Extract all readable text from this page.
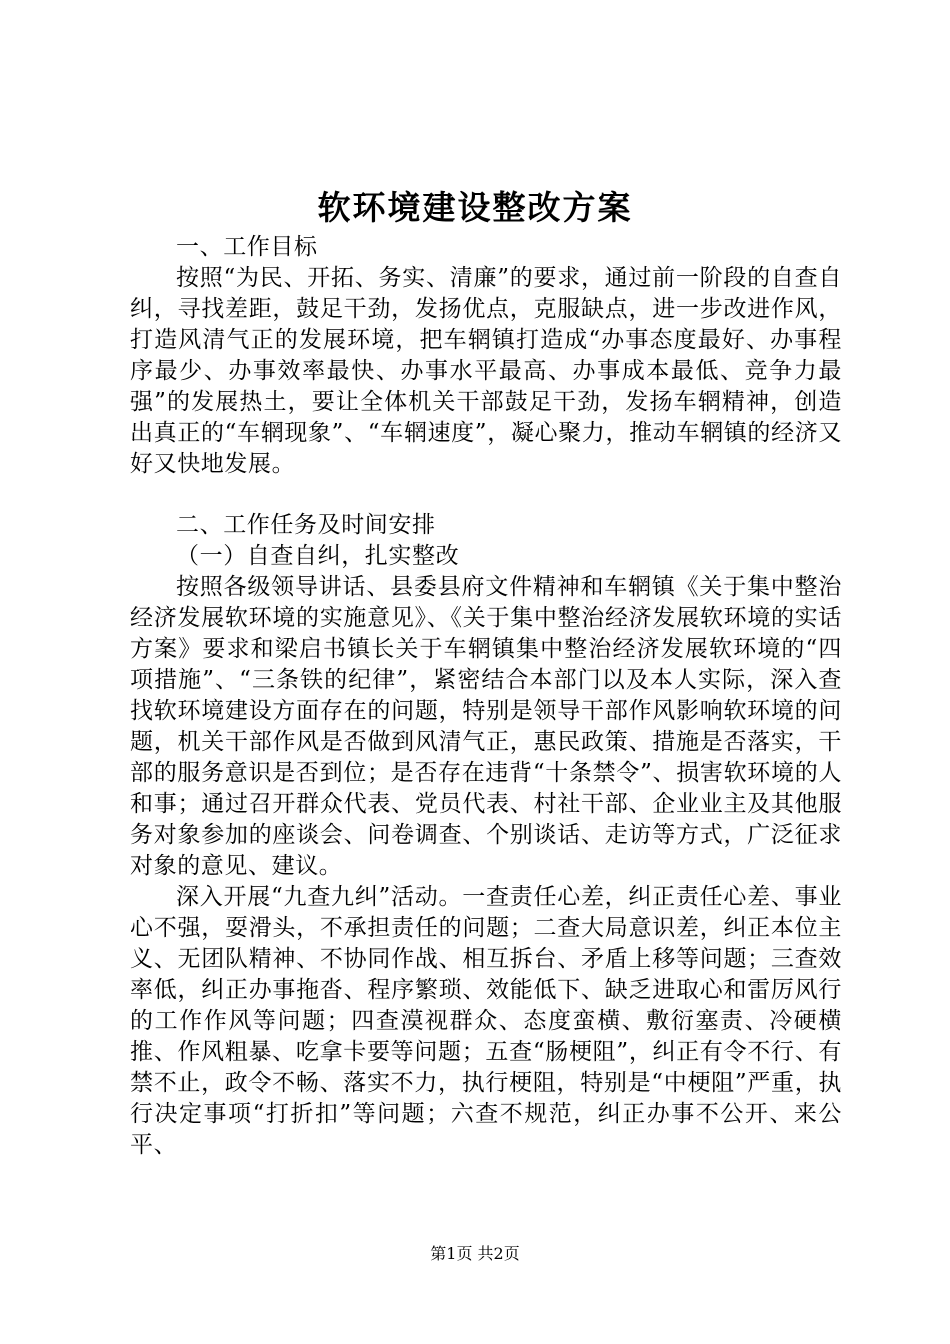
软环境建设整改方案

一、工作目标

按照“为民、开拓、务实、清廉”的要求，通过前一阶段的自查自纠，寻找差距，鼓足干劲，发扬优点，克服缺点，进一步改进作风，打造风清气正的发展环境，把车辋镇打造成“办事态度最好、办事程序最少、办事效率最快、办事水平最高、办事成本最低、竞争力最强”的发展热土，要让全体机关干部鼓足干劲，发扬车辋精神，创造出真正的“车辋现象”、“车辋速度”，凝心聚力，推动车辋镇的经济又好又快地发展。

二、工作任务及时间安排

（一）自查自纠，扎实整改

按照各级领导讲话、县委县府文件精神和车辋镇《关于集中整治经济发展软环境的实施意见》、《关于集中整治经济发展软环境的实话方案》要求和梁启书镇长关于车辋镇集中整治经济发展软环境的“四项措施”、“三条铁的纪律”，紧密结合本部门以及本人实际，深入查找软环境建设方面存在的问题，特别是领导干部作风影响软环境的问题，机关干部作风是否做到风清气正，惠民政策、措施是否落实，干部的服务意识是否到位；是否存在违背“十条禁令”、损害软环境的人和事；通过召开群众代表、党员代表、村社干部、企业业主及其他服务对象参加的座谈会、问卷调查、个别谈话、走访等方式，广泛征求对象的意见、建议。

深入开展“九查九纠”活动。一查责任心差，纠正责任心差、事业心不强，耍滑头，不承担责任的问题；二查大局意识差，纠正本位主义、无团队精神、不协同作战、相互拆台、矛盾上移等问题；三查效率低，纠正办事拖沓、程序繁琐、效能低下、缺乏进取心和雷厉风行的工作作风等问题；四查漠视群众、态度蛮横、敷衍塞责、冷硬横推、作风粗暴、吃拿卡要等问题；五查“肠梗阻”，纠正有令不行、有禁不止，政令不畅、落实不力，执行梗阻，特别是“中梗阻”严重，执行决定事项“打折扣”等问题；六查不规范，纠正办事不公开、来公平、

第1页 共2页
